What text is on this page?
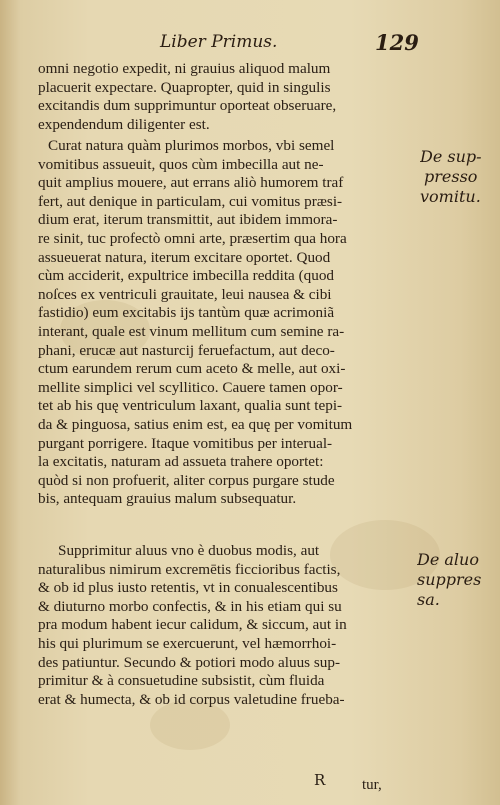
Liber Primus.	129
omni negotio expedit, ni grauius aliquod malum
placuerit expectare. Quapropter, quid in singulis
excitandis dum supprimuntur oporteat obseruare,
expendendum diligenter est.
Curat natura quàm plurimos morbos, vbi semel
vomitibus assueuit, quos cùm imbecilla aut ne-
quit amplius mouere, aut errans aliò humorem traf
fert, aut denique in particulam, cui vomitus præsi-
dium erat, iterum transmittit, aut ibidem immora-
re sinit, tuc profectò omni arte, præsertim qua hora
assueuerat natura, iterum excitare oportet. Quod
cùm acciderit, expultrice imbecilla reddita (quod
noſces ex ventriculi grauitate, leui nausea & cibi
fastidio) eum excitabis ijs tantùm quæ acrimoniã
interant, quale est vinum mellitum cum semine ra-
phani, erucæ aut nasturcij feruefactum, aut deco-
ctum earundem rerum cum aceto & melle, aut oxi-
mellite simplici vel scyllitico. Cauere tamen opor-
tet ab his quę ventriculum laxant, qualia sunt tepi-
da & pinguosa, satius enim est, ea quę per vomitum
purgant porrigere. Itaque vomitibus per interual-
la excitatis, naturam ad assueta trahere oportet:
quòd si non profuerit, aliter corpus purgare stude
bis, antequam grauius malum subsequatur.
Supprimitur aluus vno è duobus modis, aut
naturalibus nimirum excremētis ficcioribus factis,
& ob id plus iusto retentis, vt in conualescentibus
& diuturno morbo confectis, & in his etiam qui su
pra modum habent iecur calidum, & siccum, aut in
his qui plurimum se exercuerunt, vel hæmorrhoi-
des patiuntur. Secundo & potiori modo aluus sup-
primitur & à consuetudine subsistit, cùm fluida
erat & humecta, & ob id corpus valetudine frueba-
De sup-
presso
vomitu.
De aluo
suppres
sa.
R tur,
